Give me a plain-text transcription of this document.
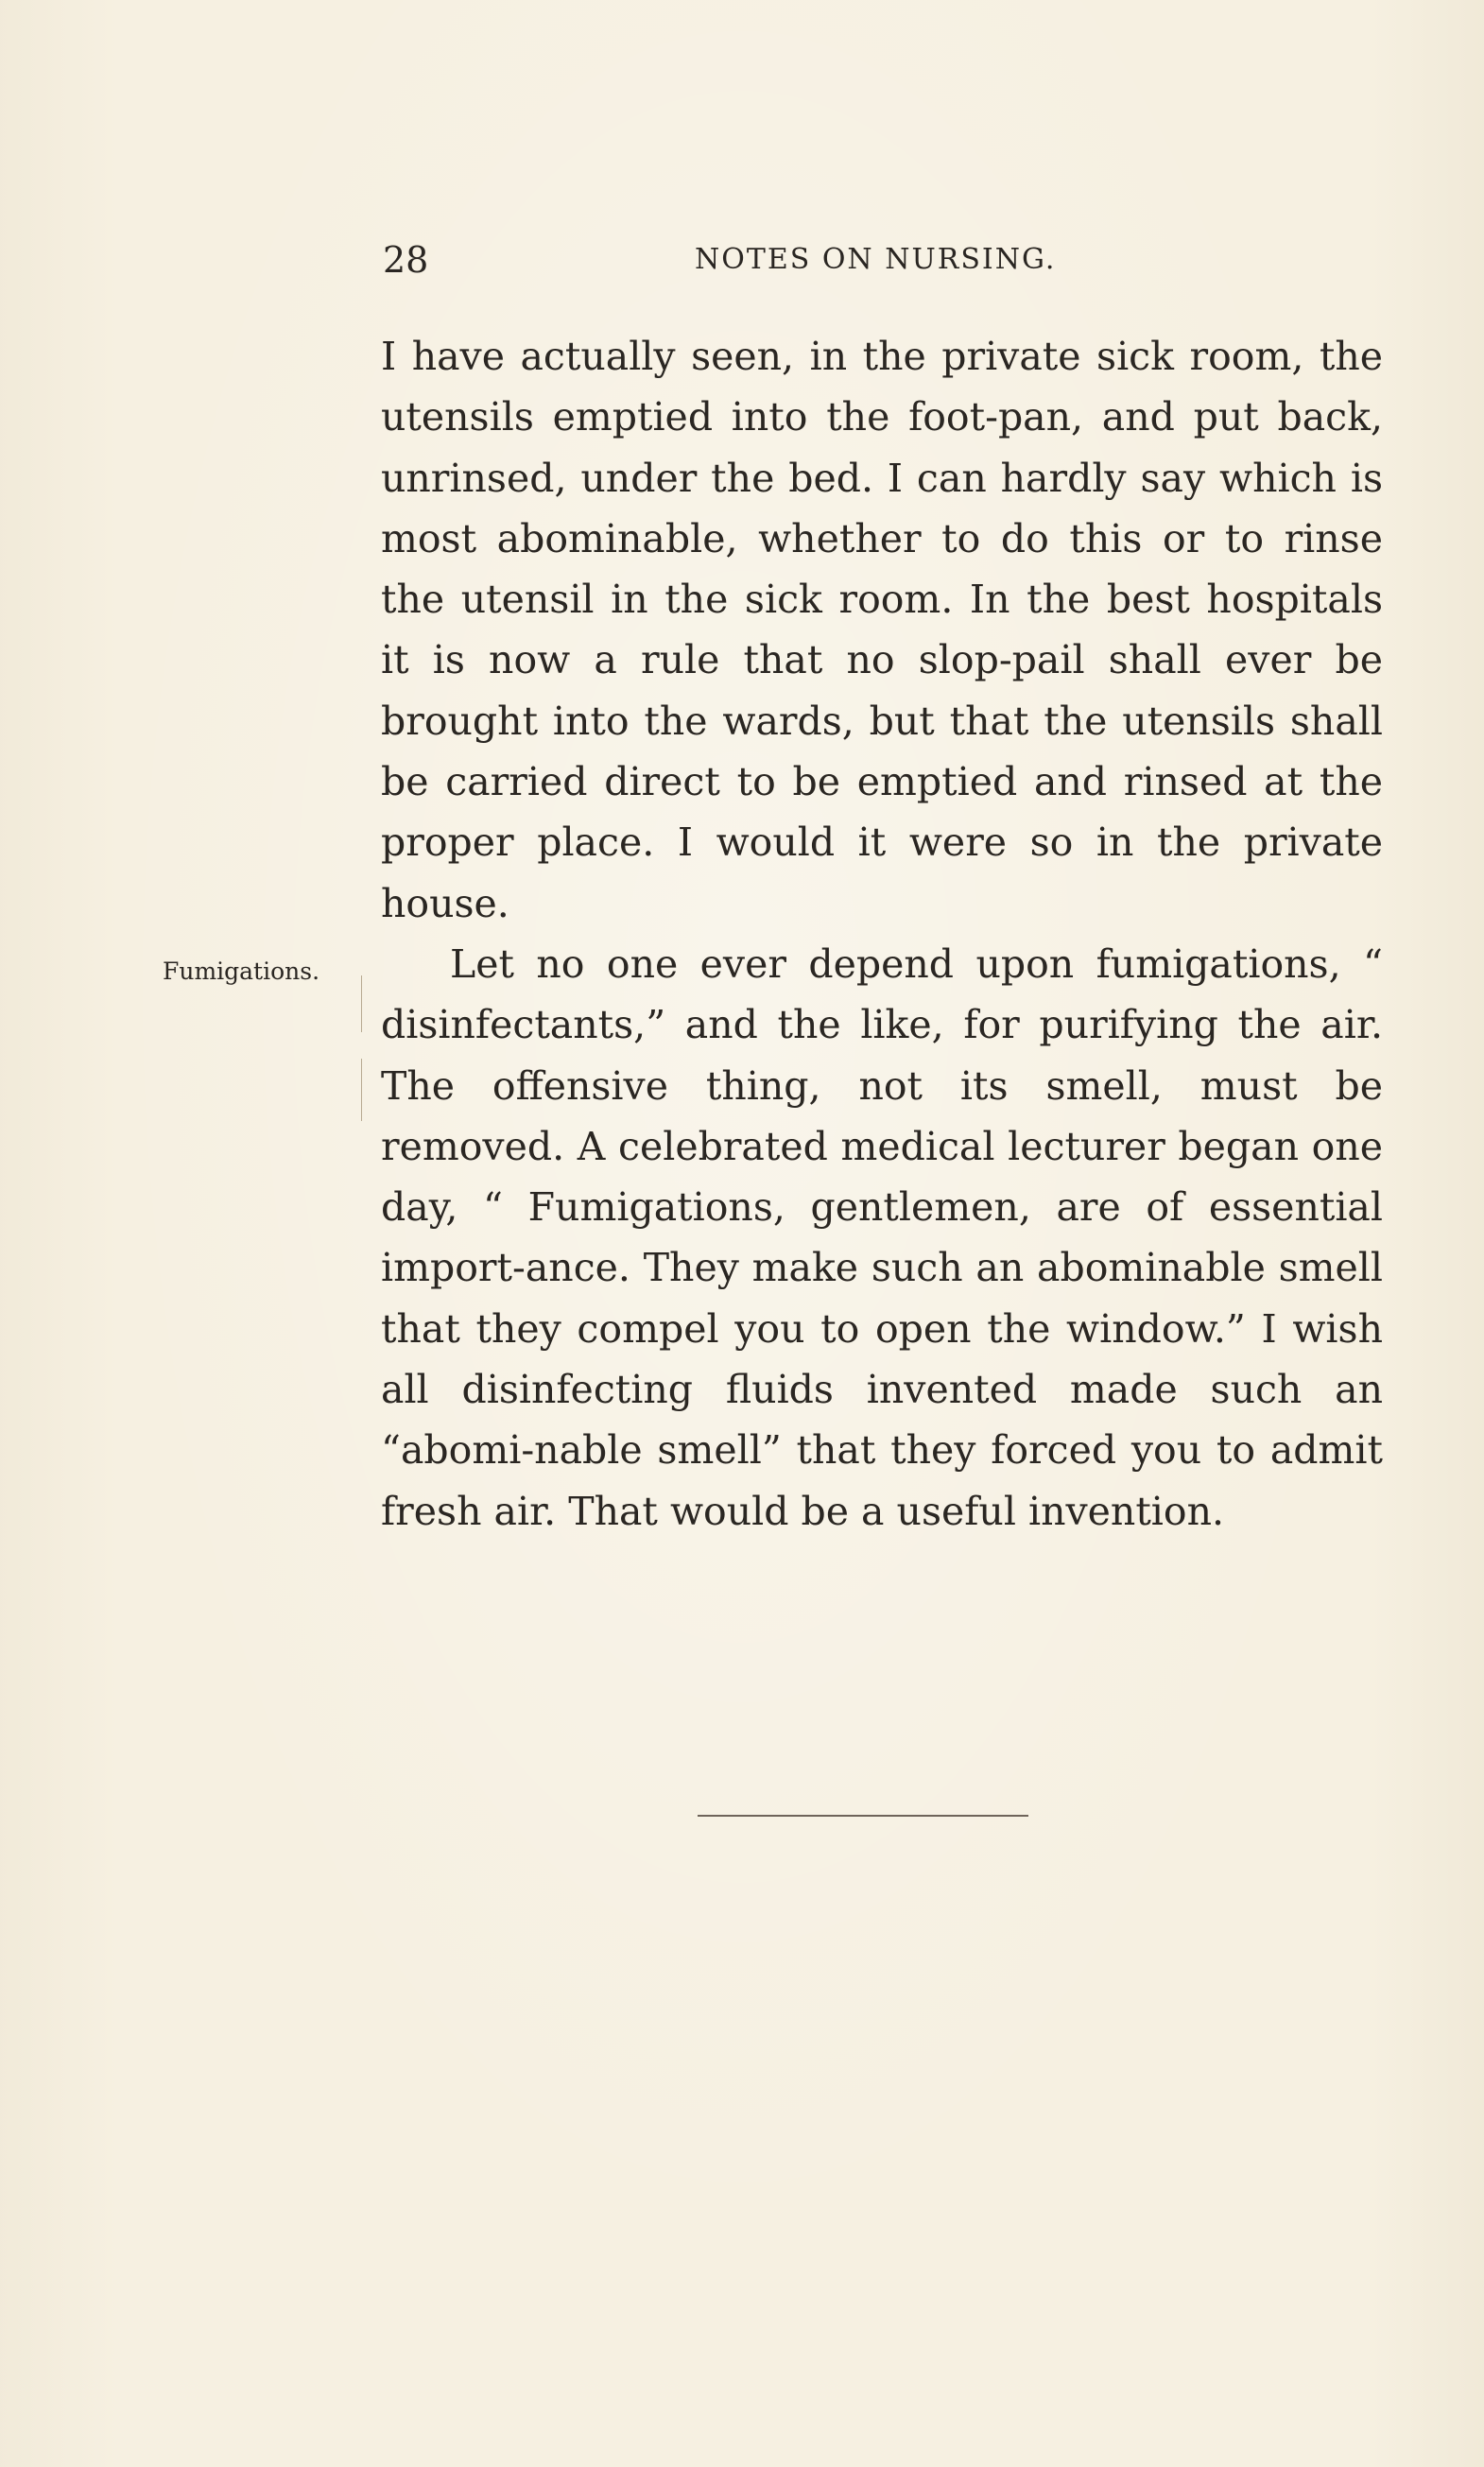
28	NOTES ON NURSING.
Fumigations.

I have actually seen, in the private sick room, the utensils emptied into the foot-pan, and put back, unrinsed, under the bed. I can hardly say which is most abominable, whether to do this or to rinse the utensil in the sick room. In the best hospitals it is now a rule that no slop-pail shall ever be brought into the wards, but that the utensils shall be carried direct to be emptied and rinsed at the proper place. I would it were so in the private house.

Let no one ever depend upon fumigations, “ disinfectants,” and the like, for purifying the air. The offensive thing, not its smell, must be removed. A celebrated medical lecturer began one day, “ Fumigations, gentlemen, are of essential import-ance. They make such an abominable smell that they compel you to open the window.” I wish all disinfecting fluids invented made such an “abomi-nable smell” that they forced you to admit fresh air. That would be a useful invention.
